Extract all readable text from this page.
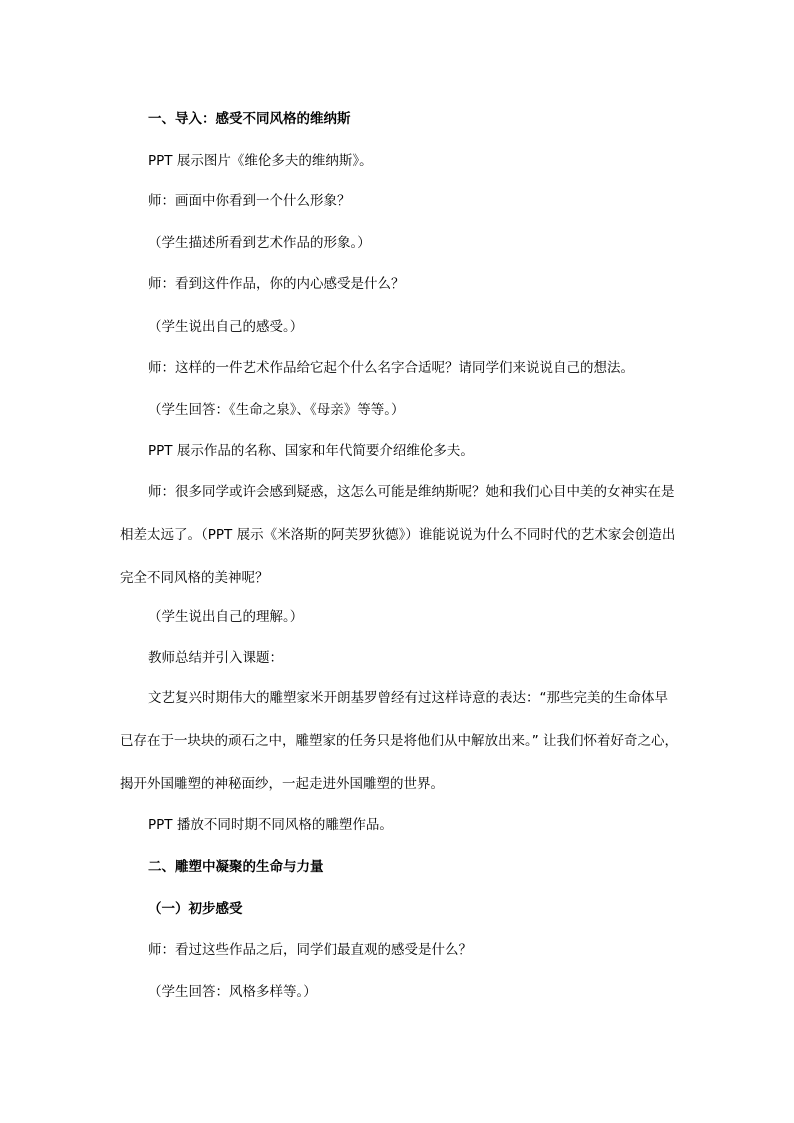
一、导入：感受不同风格的维纳斯

PPT 展示图片《维伦多夫的维纳斯》。

师：画面中你看到一个什么形象？

（学生描述所看到艺术作品的形象。）

师：看到这件作品，你的内心感受是什么？

（学生说出自己的感受。）

师：这样的一件艺术作品给它起个什么名字合适呢？请同学们来说说自己的想法。

（学生回答：《生命之泉》、《母亲》等等。）

PPT 展示作品的名称、国家和年代简要介绍维伦多夫。

师：很多同学或许会感到疑惑，这怎么可能是维纳斯呢？她和我们心目中美的女神实在是相差太远了。（PPT 展示《米洛斯的阿芙罗狄德》）谁能说说为什么不同时代的艺术家会创造出完全不同风格的美神呢？

（学生说出自己的理解。）

教师总结并引入课题：

文艺复兴时期伟大的雕塑家米开朗基罗曾经有过这样诗意的表达：“那些完美的生命体早已存在于一块块的顽石之中，雕塑家的任务只是将他们从中解放出来。” 让我们怀着好奇之心，揭开外国雕塑的神秘面纱，一起走进外国雕塑的世界。

PPT 播放不同时期不同风格的雕塑作品。

二、雕塑中凝聚的生命与力量

（一）初步感受

师：看过这些作品之后，同学们最直观的感受是什么？

（学生回答：风格多样等。）
